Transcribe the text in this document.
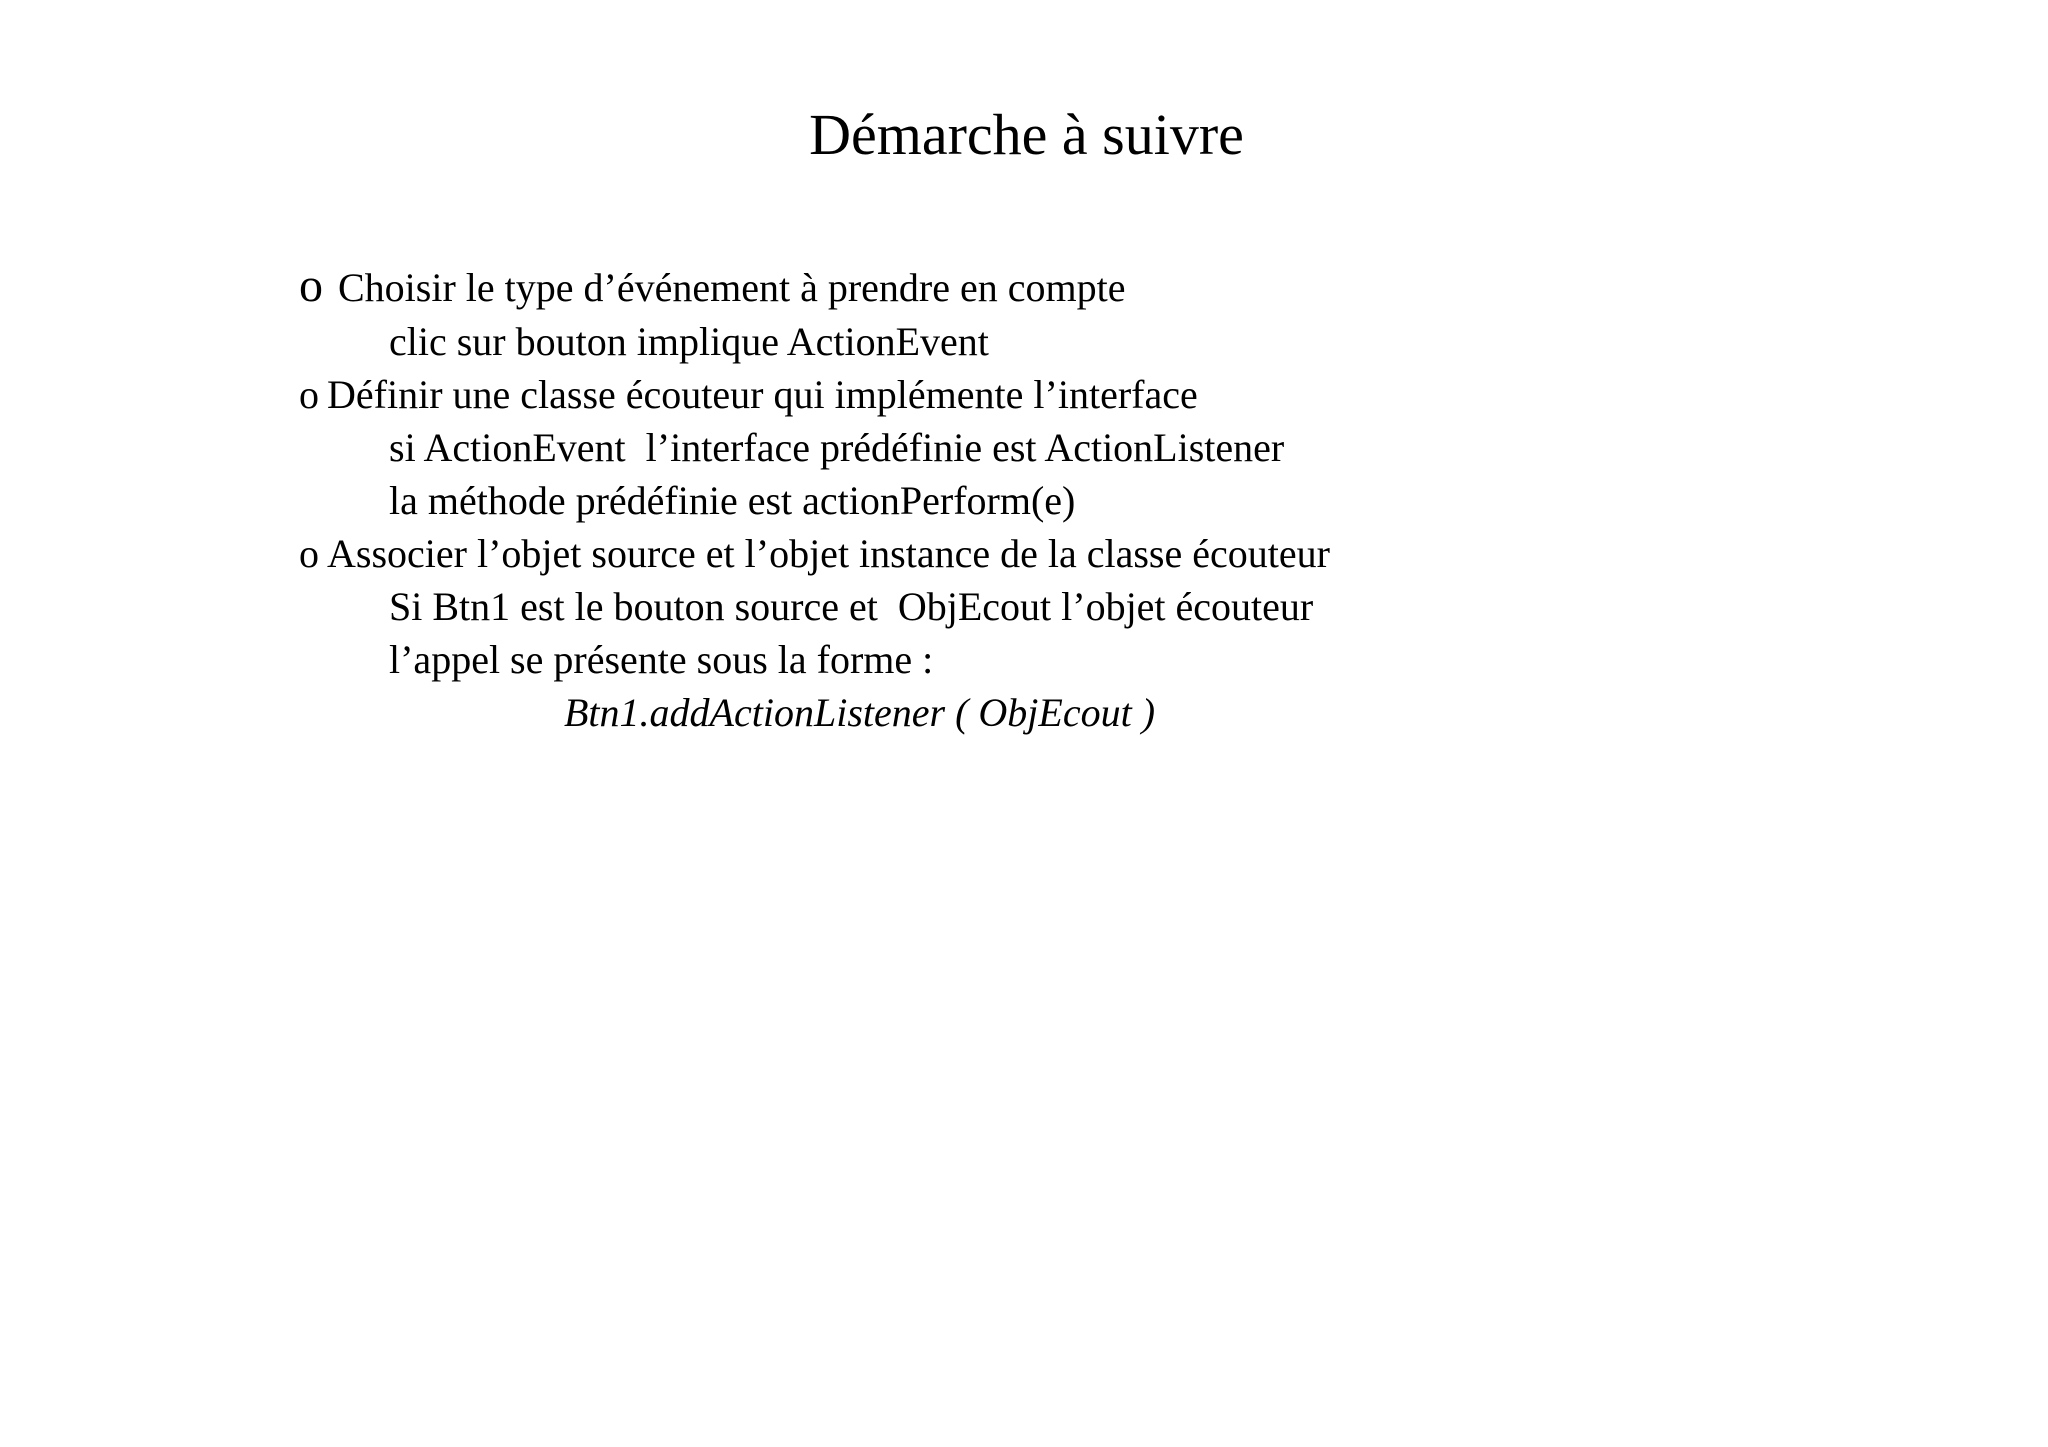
Démarche à suivre
o Choisir le type d’événement à prendre en compte
clic sur bouton implique ActionEvent
o Définir une classe écouteur qui implémente l’interface
si ActionEvent  l’interface prédéfinie est ActionListener
la méthode prédéfinie est actionPerform(e)
o Associer l’objet source et l’objet instance de la classe écouteur
Si Btn1 est le bouton source et  ObjEcout l’objet écouteur
l’appel se présente sous la forme :
Btn1.addActionListener ( ObjEcout )
